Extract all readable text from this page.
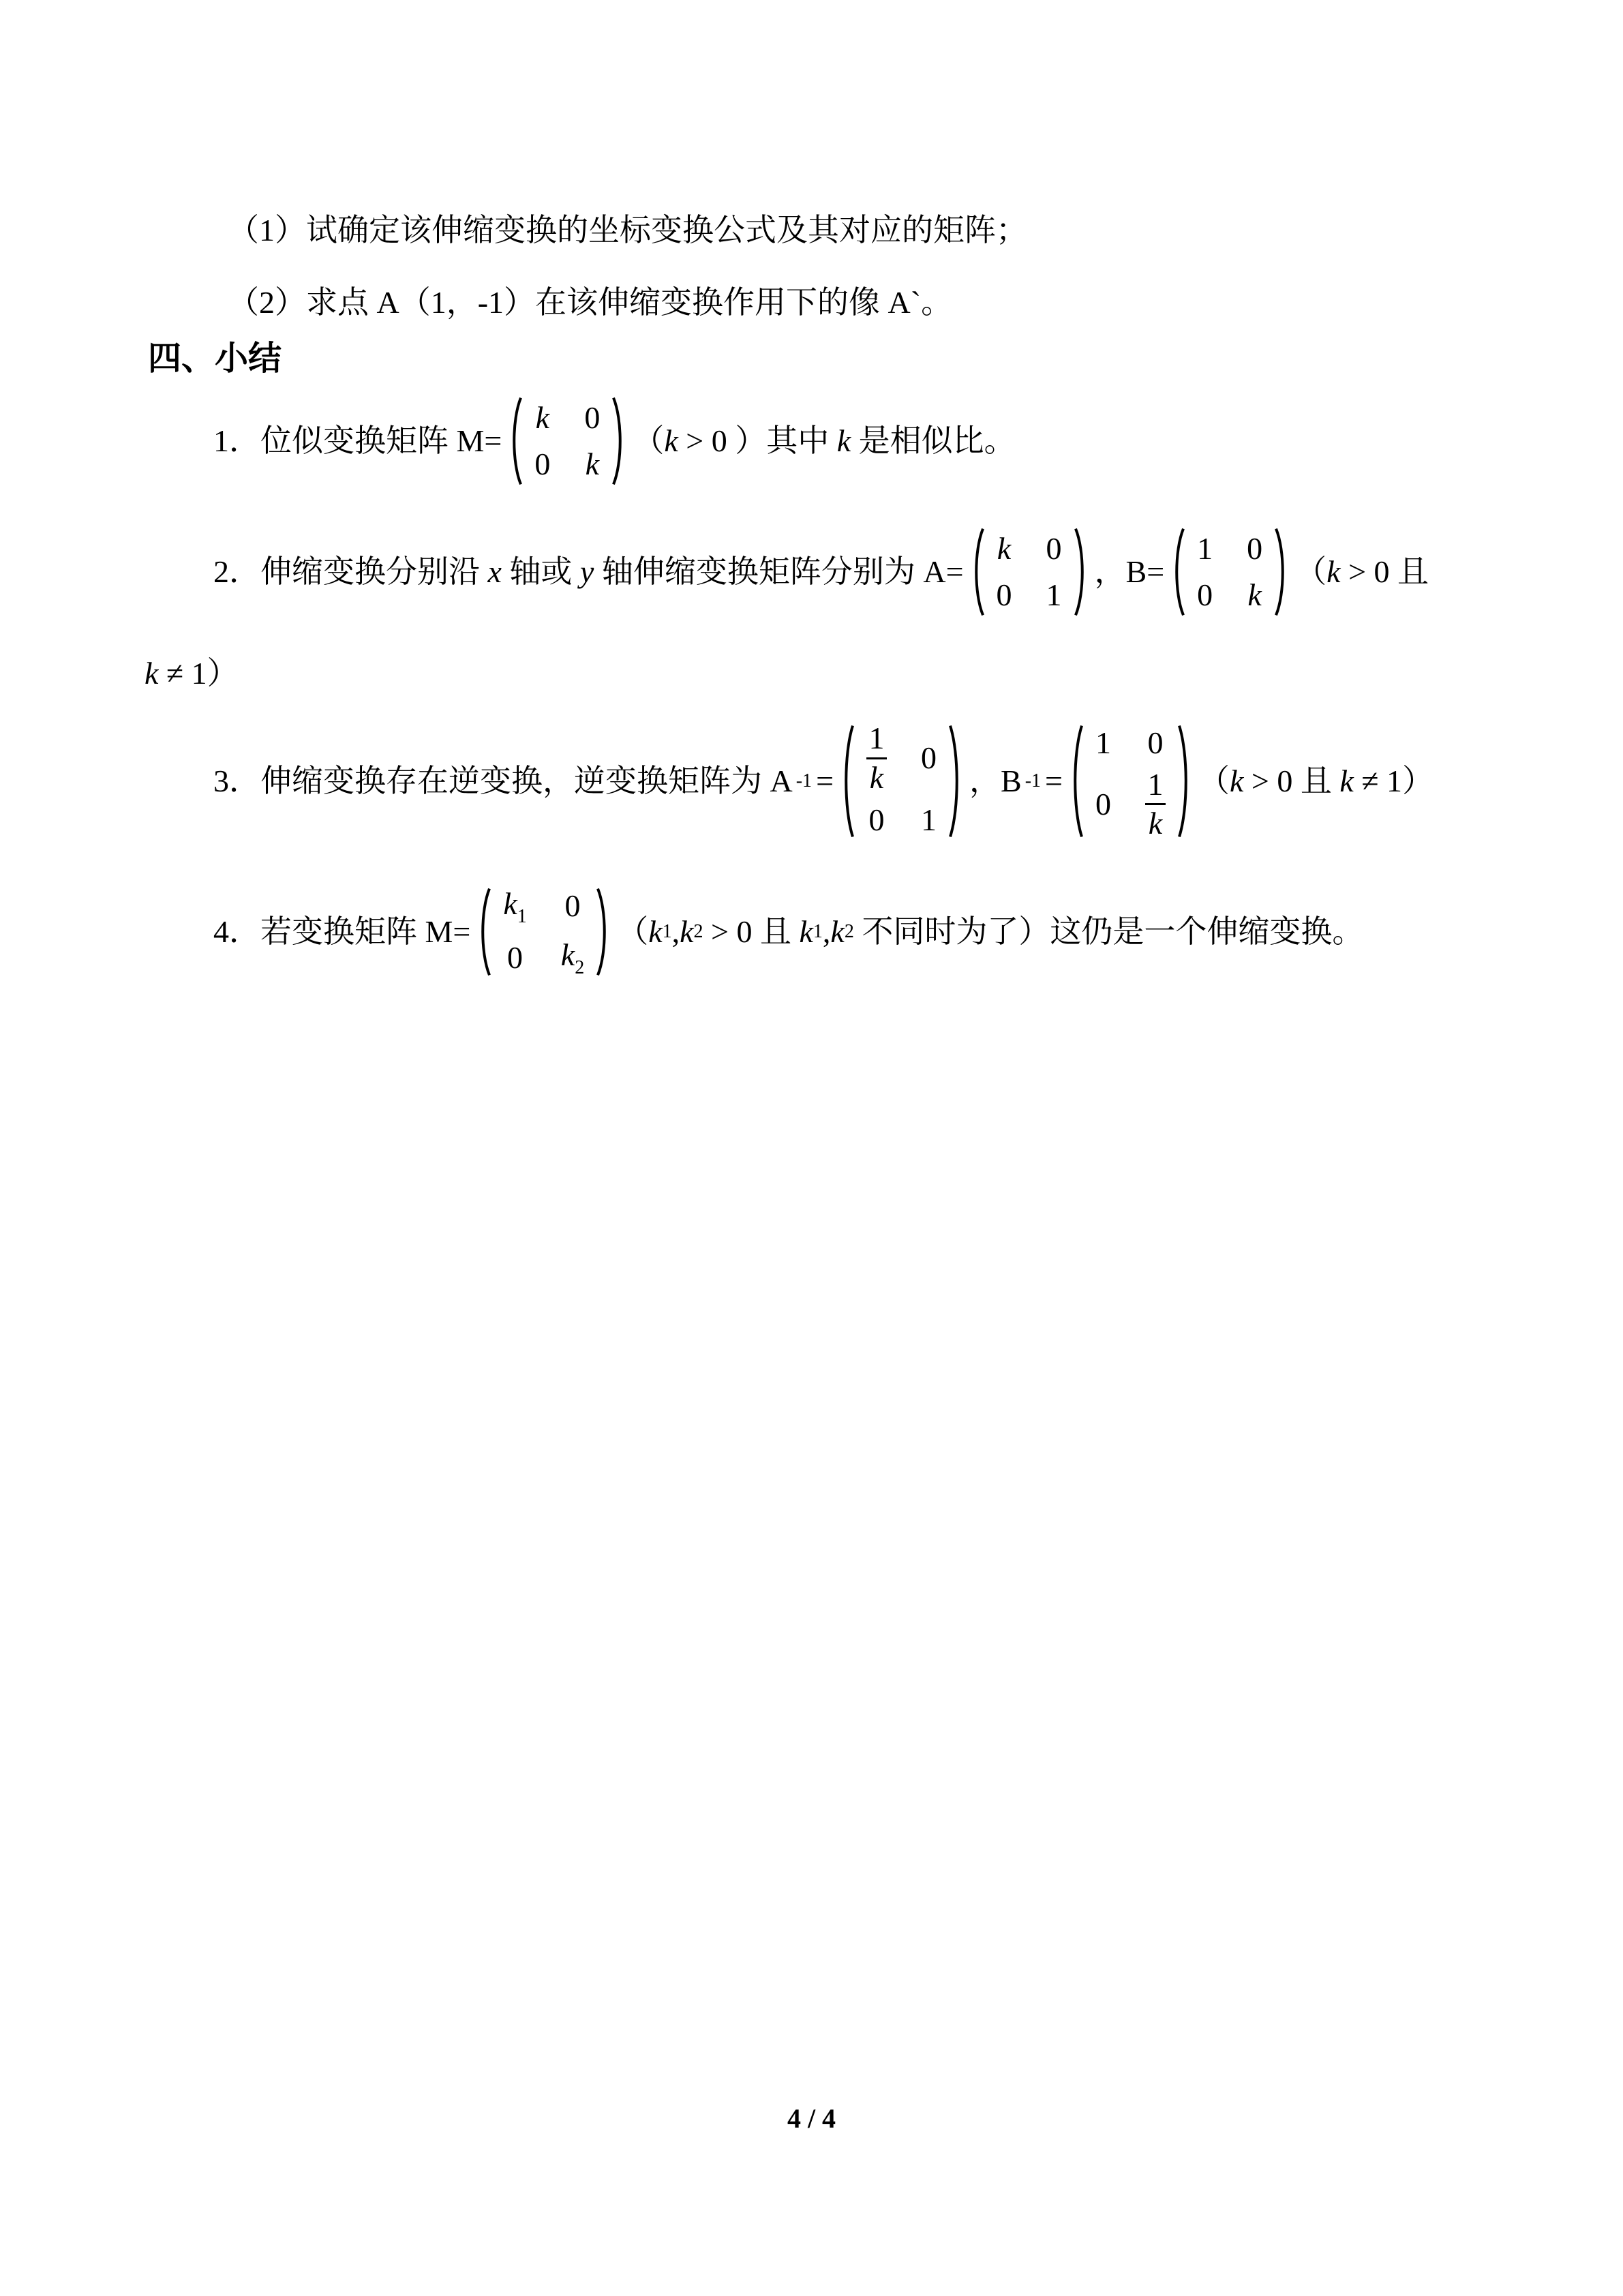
（1）试确定该伸缩变换的坐标变换公式及其对应的矩阵；
（2）求点 A（1，-1）在该伸缩变换作用下的像 A`。
四、小结
1．位似变换矩阵 M=
k 0
0 k
（ k > 0 ）其中 k 是相似比。
2．伸缩变换分别沿 x 轴或 y 轴伸缩变换矩阵分别为 A=
k 0
0 1
，B=
1 0
0 k
（ k > 0 且
k ≠ 1）
3．伸缩变换存在逆变换，逆变换矩阵为 A $-1 = \frac{1}{k} 0$
0 1
，B -1 =
1 0
$0 \frac{1}{k}$ （ k > 0 且 k ≠ 1）
4．若变换矩阵 M=
$k_1$ 0
0 $k_2$
（ k 1 , k 2 > 0 且 k 1 , k 2 不同时为了）这仍是一个伸缩变换。
4 / 4
